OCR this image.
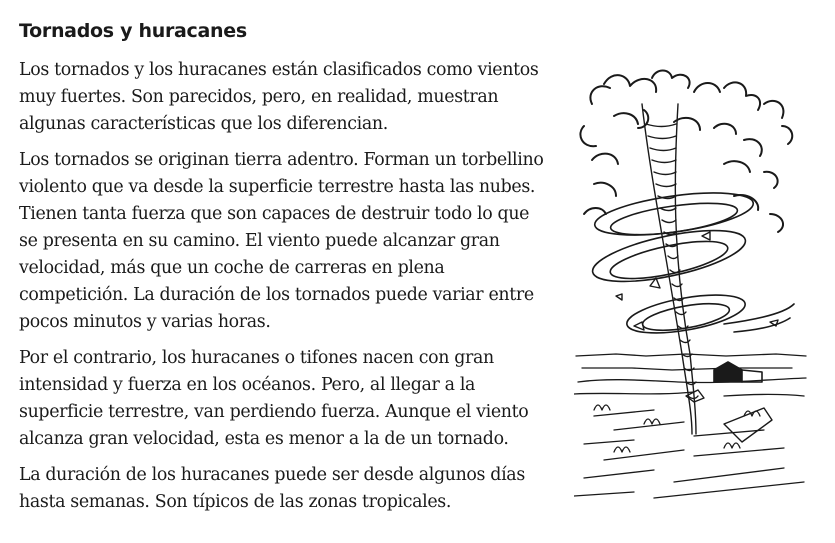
Tornados y huracanes

Los tornados y los huracanes están clasificados como vientos muy fuertes. Son parecidos, pero, en realidad, muestran algunas características que los diferencian.

Los tornados se originan tierra adentro. Forman un torbellino violento que va desde la superficie terrestre hasta las nubes. Tienen tanta fuerza que son capaces de destruir todo lo que se presenta en su camino. El viento puede alcanzar gran velocidad, más que un coche de carreras en plena competición. La duración de los tornados puede variar entre pocos minutos y varias horas.

Por el contrario, los huracanes o tifones nacen con gran intensidad y fuerza en los océanos. Pero, al llegar a la superficie terrestre, van perdiendo fuerza. Aunque el viento alcanza gran velocidad, esta es menor a la de un tornado.

La duración de los huracanes puede ser desde algunos días hasta semanas. Son típicos de las zonas tropicales.
